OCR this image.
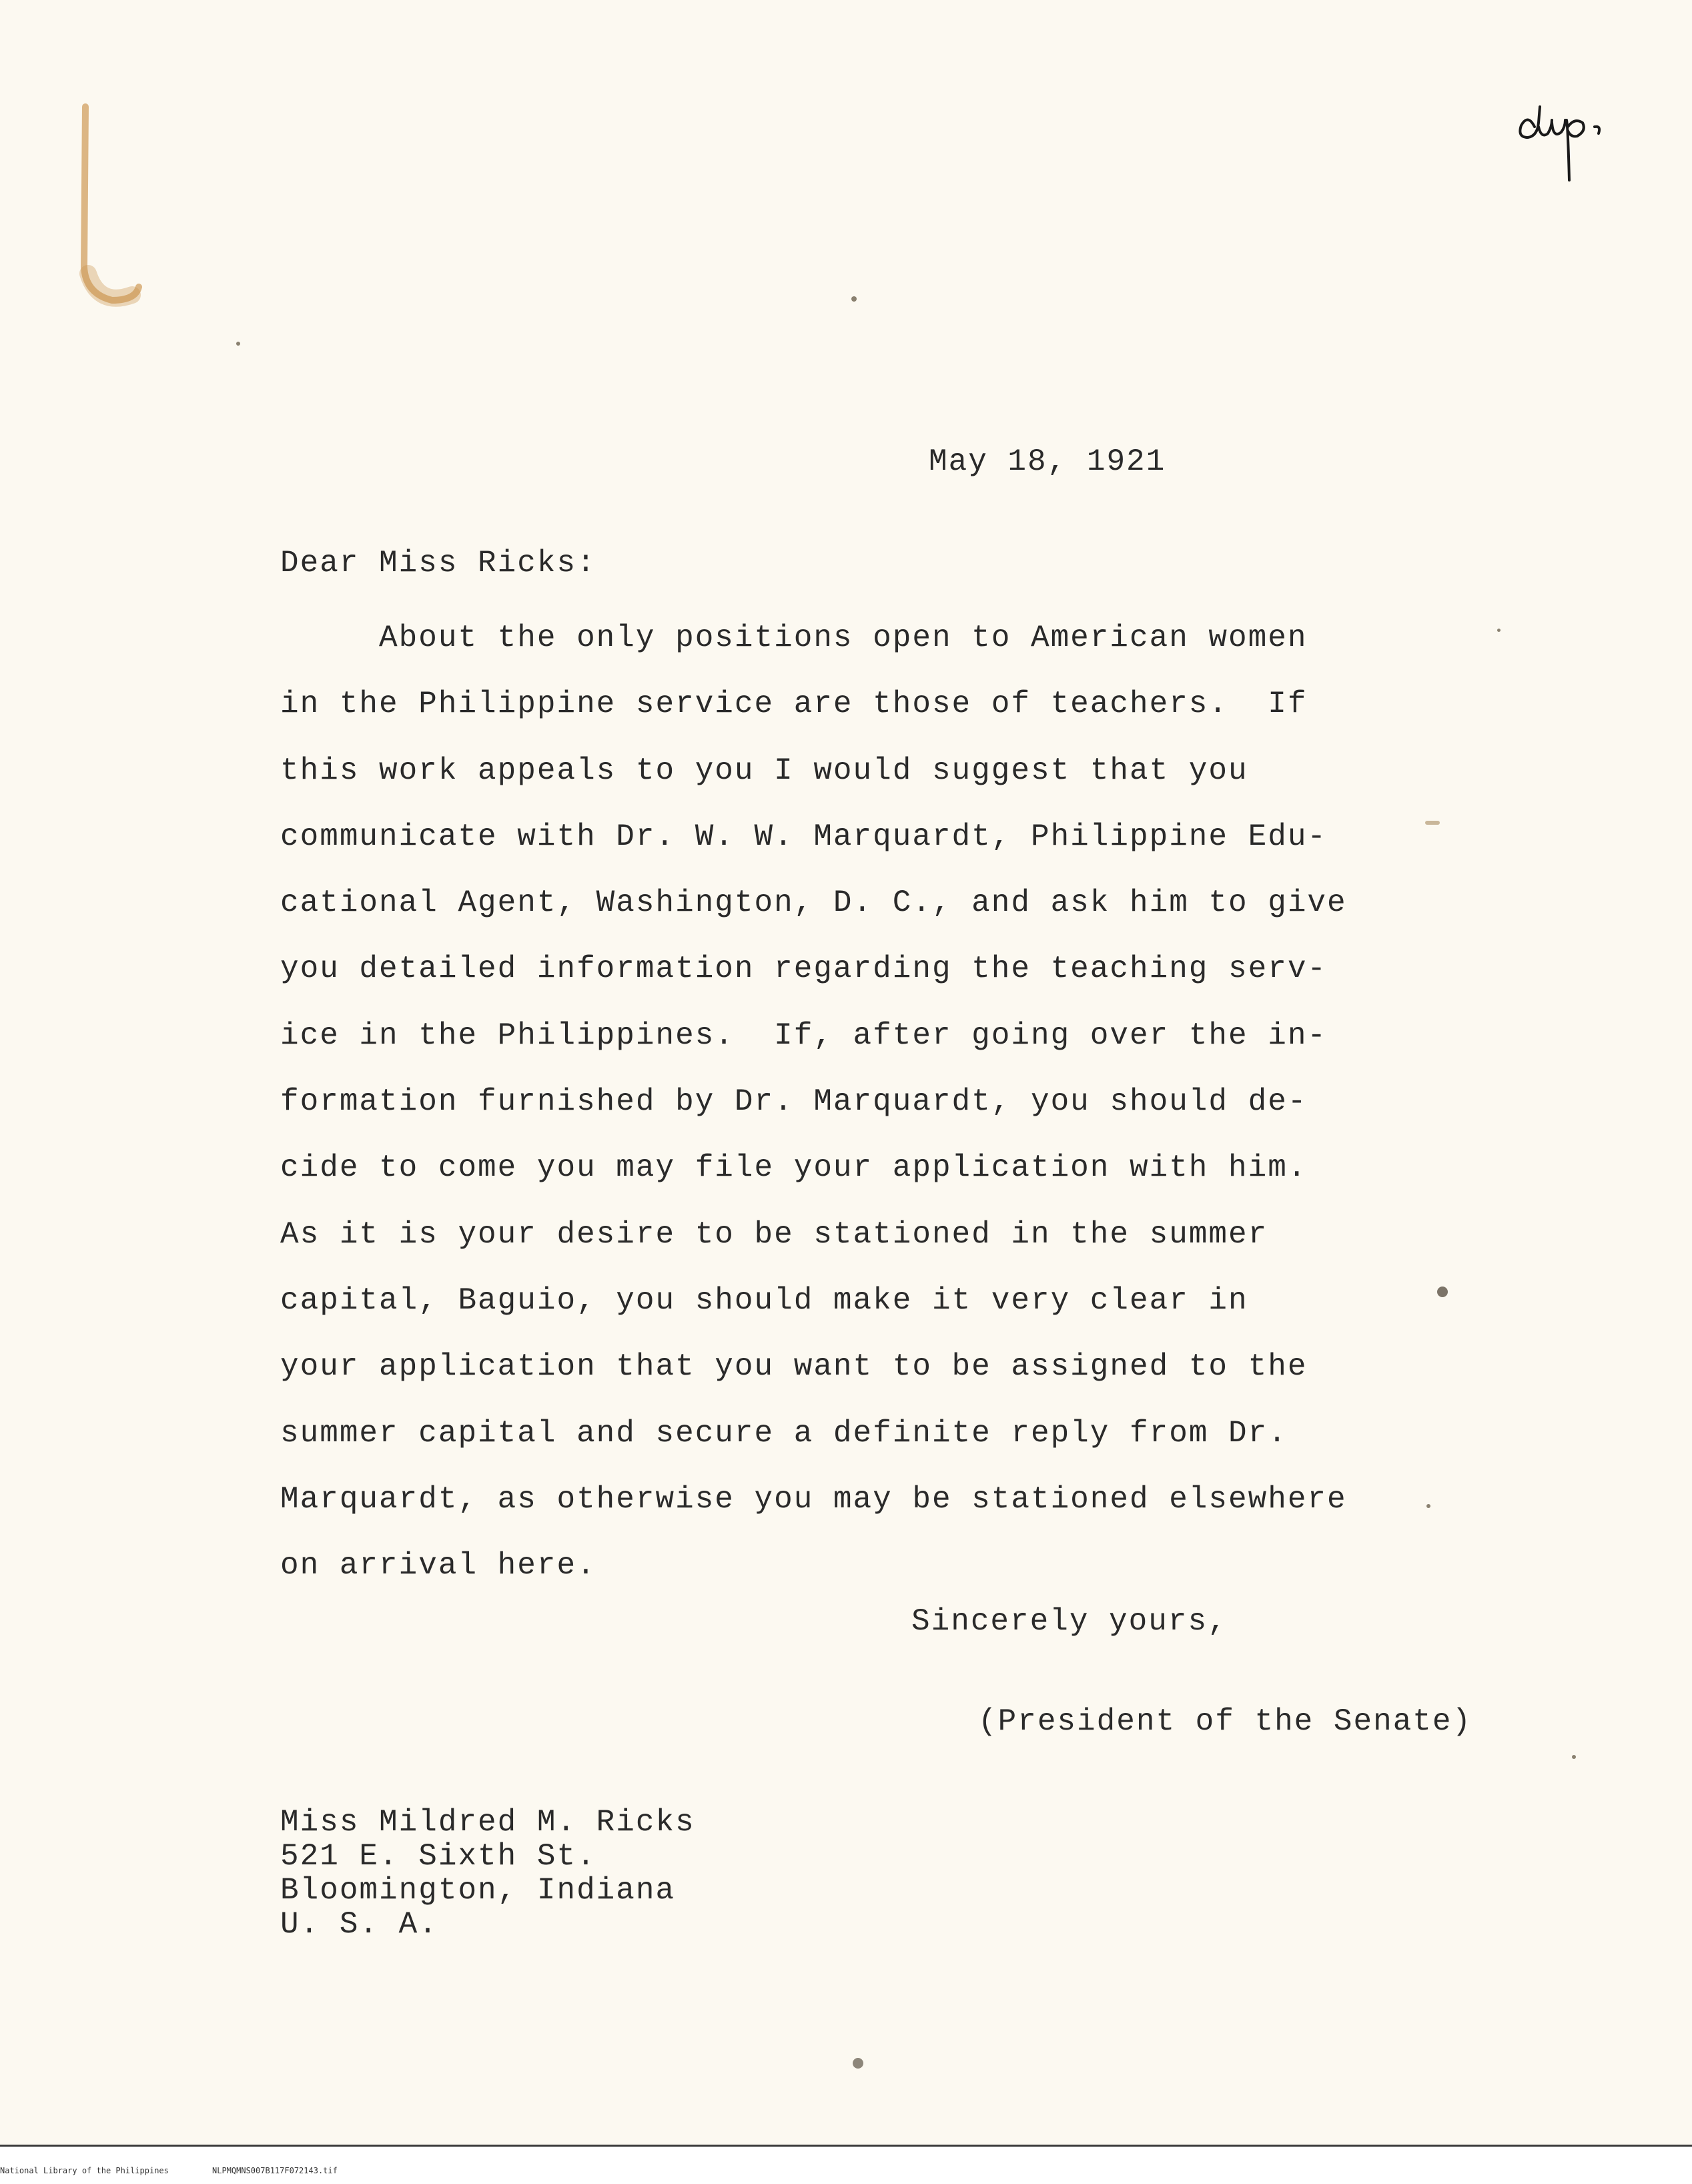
May 18, 1921
Dear Miss Ricks:
About the only positions open to American women
in the Philippine service are those of teachers.  If
this work appeals to you I would suggest that you
communicate with Dr. W. W. Marquardt, Philippine Edu-
cational Agent, Washington, D. C., and ask him to give
you detailed information regarding the teaching serv-
ice in the Philippines.  If, after going over the in-
formation furnished by Dr. Marquardt, you should de-
cide to come you may file your application with him.
As it is your desire to be stationed in the summer
capital, Baguio, you should make it very clear in
your application that you want to be assigned to the
summer capital and secure a definite reply from Dr.
Marquardt, as otherwise you may be stationed elsewhere
on arrival here.
Sincerely yours,
(President of the Senate)
Miss Mildred M. Ricks
521 E. Sixth St.
Bloomington, Indiana
U. S. A.
National Library of the Philippines	NLPMQMNS007B117F072143.tif
